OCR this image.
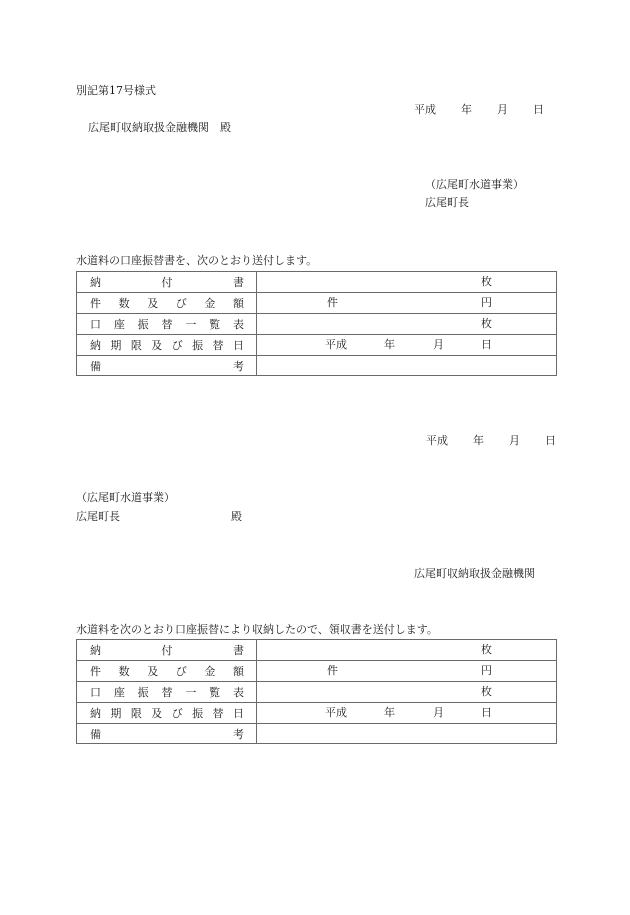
別記第17号様式
平成 年 月 日
広尾町収納取扱金融機関　殿
（広尾町水道事業）
広尾町長
水道料の口座振替書を、次のとおり送付します。
納	付	書	枚
件 数 及 び 金 額	件	円
口 座 振 替 一 覧 表	枚
納 期 限 及 び 振 替 日	平成	年	月	日
備	考
平成 年 月 日
（広尾町水道事業）
広尾町長	殿
広尾町収納取扱金融機関
水道料を次のとおり口座振替により収納したので、領収書を送付します。
納	付	書	枚
件 数 及 び 金 額	件	円
口 座 振 替 一 覧 表	枚
納 期 限 及 び 振 替 日	平成	年	月	日
備	考
